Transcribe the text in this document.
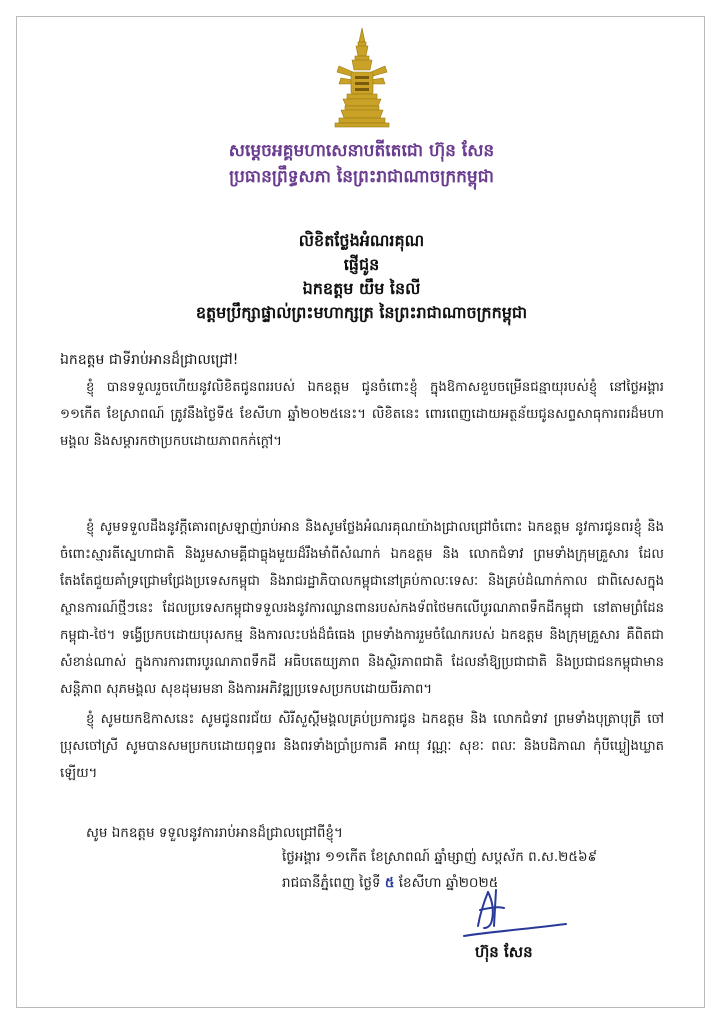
សម្តេចអគ្គមហាសេនាបតីតេជោ ហ៊ុន សែន
ប្រធានព្រឹទ្ធសភា នៃព្រះរាជាណាចក្រកម្ពុជា
លិខិតថ្លែងអំណរគុណ
ផ្ញើជូន
ឯកឧត្តម យឹម នៃលី
ឧត្តមប្រឹក្សាផ្ទាល់ព្រះមហាក្សត្រ នៃព្រះរាជាណាចក្រកម្ពុជា
ឯកឧត្តម ជាទីរាប់អានដ៏ជ្រាលជ្រៅ!

ខ្ញុំ បានទទួលរួចហើយនូវលិខិតជូនពររបស់ ឯកឧត្តម ជូនចំពោះខ្ញុំ ក្នុងឱកាសខួបចម្រើនជន្មាយុរបស់ខ្ញុំ នៅថ្ងៃអង្គារ ១១កើត ខែស្រាពណ៍ ត្រូវនឹងថ្ងៃទី៥ ខែសីហា ឆ្នាំ២០២៥នេះ។ លិខិតនេះ ពោរពេញដោយអត្ថន័យជូនសព្ទសាធុការពរដ៏មហាមង្គល និងសម្តារកថាប្រកបដោយភាពកក់ក្តៅ។

ខ្ញុំ សូមទទួលដឹងនូវក្តីគោរពស្រឡាញ់រាប់អាន និងសូមថ្លែងអំណរគុណយ៉ាងជ្រាលជ្រៅចំពោះ ឯកឧត្តម នូវការជូនពរខ្ញុំ និងចំពោះស្មារតីស្នេហាជាតិ និងរួមសាមគ្គីជាធ្លុងមួយដ៏រឹងមាំពីសំណាក់ ឯកឧត្តម និង លោកជំទាវ ព្រមទាំងក្រុមគ្រួសារ ដែលតែងតែជួយគាំទ្រជ្រោមជ្រែងប្រទេសកម្ពុជា និងរាជរដ្ឋាភិបាលកម្ពុជានៅគ្រប់កាលៈទេសៈ និងគ្រប់ដំណាក់កាល ជាពិសេសក្នុងស្ថានការណ៍ថ្មីៗនេះ ដែលប្រទេសកម្ពុជាទទួលរងនូវការឈ្លានពានរបស់កងទ័ពថៃមកលើបូរណភាពទឹកដីកម្ពុជា នៅតាមព្រំដែនកម្ពុជា-ថៃ។ ទង្វើប្រកបដោយបុរសកម្ម និងការលះបង់ដ៏ធំធេង ព្រមទាំងការរួមចំណែករបស់ ឯកឧត្តម និងក្រុមគ្រួសារ គឺពិតជាសំខាន់ណាស់ ក្នុងការការពារបូរណភាពទឹកដី អធិបតេយ្យភាព និងស្ថិរភាពជាតិ ដែលនាំឱ្យប្រជាជាតិ និងប្រជាជនកម្ពុជាមានសន្តិភាព សុភមង្គល សុខដុមរមនា និងការអភិវឌ្ឍប្រទេសប្រកបដោយចីរភាព។

ខ្ញុំ សូមយកឱកាសនេះ សូមជូនពរជ័យ សិរីសួស្តីមង្គលគ្រប់ប្រការជូន ឯកឧត្តម និង លោកជំទាវ ព្រមទាំងបុត្រាបុត្រី ចៅប្រុសចៅស្រី សូមបានសមប្រកបដោយពុទ្ធពរ និងពរទាំងប្រាំប្រការគឺ អាយុ វណ្ណៈ សុខៈ ពលៈ និងបដិភាណ កុំបីឃ្លៀងឃ្លាតឡើយ។

សូម ឯកឧត្តម ទទួលនូវការរាប់អានដ៏ជ្រាលជ្រៅពីខ្ញុំ។
ថ្ងៃអង្គារ ១១កើត ខែស្រាពណ៍ ឆ្នាំម្សាញ់ សប្តស័ក ព.ស.២៥៦៩
រាជធានីភ្នំពេញ ថ្ងៃទី ៥ ខែសីហា ឆ្នាំ២០២៥
ហ៊ុន សែន
